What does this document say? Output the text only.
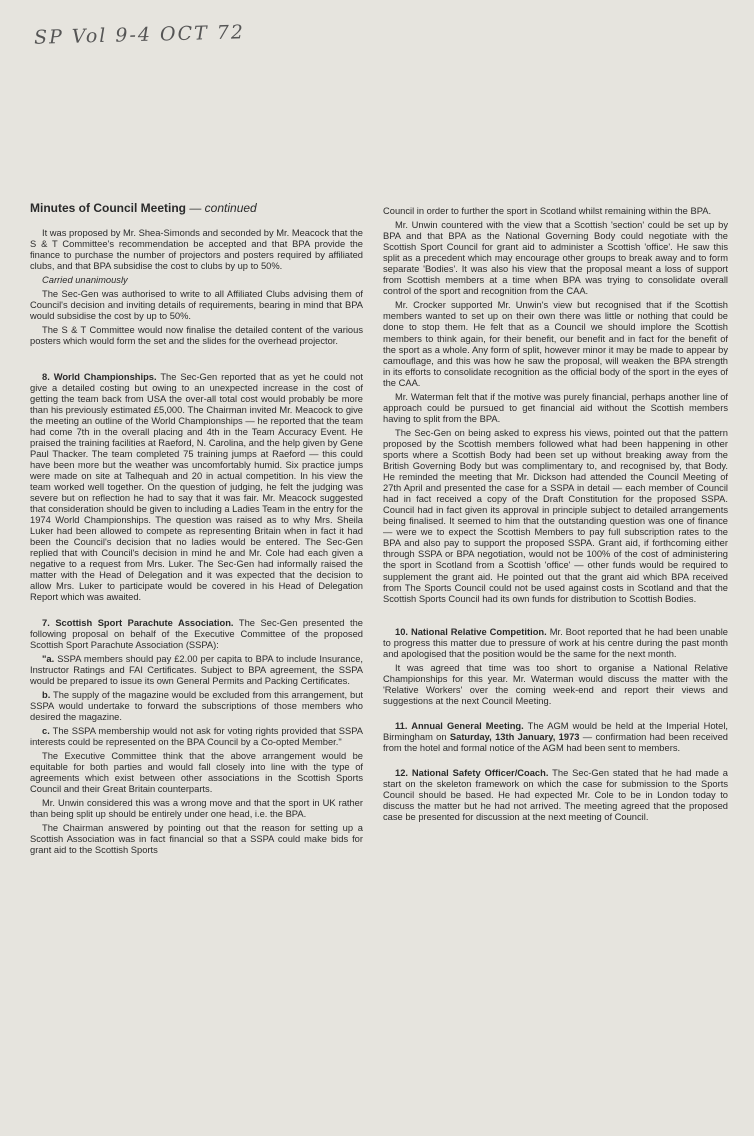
SP Vol 9-4 OCT 72
Minutes of Council Meeting — continued

It was proposed by Mr. Shea-Simonds and seconded by Mr. Meacock that the S & T Committee's recommendation be accepted and that BPA provide the finance to purchase the number of projectors and posters required by affiliated clubs, and that BPA subsidise the cost to clubs by up to 50%.

Carried unanimously

The Sec-Gen was authorised to write to all Affiliated Clubs advising them of Council's decision and inviting details of requirements, bearing in mind that BPA would subsidise the cost by up to 50%.

The S & T Committee would now finalise the detailed content of the various posters which would form the set and the slides for the overhead projector.

8. World Championships. The Sec-Gen reported that as yet he could not give a detailed costing but owing to an unexpected increase in the cost of getting the team back from USA the over-all total cost would probably be more than his previously estimated £5,000. The Chairman invited Mr. Meacock to give the meeting an outline of the World Championships — he reported that the team had come 7th in the overall placing and 4th in the Team Accuracy Event. He praised the training facilities at Raeford, N. Carolina, and the help given by Gene Paul Thacker. The team completed 75 training jumps at Raeford — this could have been more but the weather was uncomfortably humid. Six practice jumps were made on site at Talhequah and 20 in actual competition. In his view the team worked well together. On the question of judging, he felt the judging was severe but on reflection he had to say that it was fair. Mr. Meacock suggested that consideration should be given to including a Ladies Team in the entry for the 1974 World Championships. The question was raised as to why Mrs. Sheila Luker had been allowed to compete as representing Britain when in fact it had been the Council's decision that no ladies would be entered. The Sec-Gen replied that with Council's decision in mind he and Mr. Cole had each given a negative to a request from Mrs. Luker. The Sec-Gen had informally raised the matter with the Head of Delegation and it was expected that the decision to allow Mrs. Luker to participate would be covered in his Head of Delegation Report which was awaited.

7. Scottish Sport Parachute Association. The Sec-Gen presented the following proposal on behalf of the Executive Committee of the proposed Scottish Sport Parachute Association (SSPA):

"a. SSPA members should pay £2.00 per capita to BPA to include Insurance, Instructor Ratings and FAI Certificates. Subject to BPA agreement, the SSPA would be prepared to issue its own General Permits and Packing Certificates.

b. The supply of the magazine would be excluded from this arrangement, but SSPA would undertake to forward the subscriptions of those members who desired the magazine.

c. The SSPA membership would not ask for voting rights provided that SSPA interests could be represented on the BPA Council by a Co-opted Member."

The Executive Committee think that the above arrangement would be equitable for both parties and would fall closely into line with the type of agreements which exist between other associations in the Scottish Sports Council and their Great Britain counterparts.

Mr. Unwin considered this was a wrong move and that the sport in UK rather than being split up should be entirely under one head, i.e. the BPA.

The Chairman answered by pointing out that the reason for setting up a Scottish Association was in fact financial so that a SSPA could make bids for grant aid to the Scottish Sports

Council in order to further the sport in Scotland whilst remaining within the BPA.

Mr. Unwin countered with the view that a Scottish 'section' could be set up by BPA and that BPA as the National Governing Body could negotiate with the Scottish Sport Council for grant aid to administer a Scottish 'office'. He saw this split as a precedent which may encourage other groups to break away and to form separate 'Bodies'. It was also his view that the proposal meant a loss of support from Scottish members at a time when BPA was trying to consolidate overall control of the sport and recognition from the CAA.

Mr. Crocker supported Mr. Unwin's view but recognised that if the Scottish members wanted to set up on their own there was little or nothing that could be done to stop them. He felt that as a Council we should implore the Scottish members to think again, for their benefit, our benefit and in fact for the benefit of the sport as a whole. Any form of split, however minor it may be made to appear by camouflage, and this was how he saw the proposal, will weaken the BPA strength in its efforts to consolidate recognition as the official body of the sport in the eyes of the CAA.

Mr. Waterman felt that if the motive was purely financial, perhaps another line of approach could be pursued to get financial aid without the Scottish members having to split from the BPA.

The Sec-Gen on being asked to express his views, pointed out that the pattern proposed by the Scottish members followed what had been happening in other sports where a Scottish Body had been set up without breaking away from the British Governing Body but was complimentary to, and recognised by, that Body. He reminded the meeting that Mr. Dickson had attended the Council Meeting of 27th April and presented the case for a SSPA in detail — each member of Council had in fact received a copy of the Draft Constitution for the proposed SSPA. Council had in fact given its approval in principle subject to detailed arrangements being finalised. It seemed to him that the outstanding question was one of finance — were we to expect the Scottish Members to pay full subscription rates to the BPA and also pay to support the proposed SSPA. Grant aid, if forthcoming either through SSPA or BPA negotiation, would not be 100% of the cost of administering the sport in Scotland from a Scottish 'office' — other funds would be required to supplement the grant aid. He pointed out that the grant aid which BPA received from The Sports Council could not be used against costs in Scotland and that the Scottish Sports Council had its own funds for distribution to Scottish Bodies.

10. National Relative Competition. Mr. Boot reported that he had been unable to progress this matter due to pressure of work at his centre during the past month and apologised that the position would be the same for the next month.

It was agreed that time was too short to organise a National Relative Championships for this year. Mr. Waterman would discuss the matter with the 'Relative Workers' over the coming week-end and report their views and suggestions at the next Council Meeting.

11. Annual General Meeting. The AGM would be held at the Imperial Hotel, Birmingham on Saturday, 13th January, 1973 — confirmation had been received from the hotel and formal notice of the AGM had been sent to members.

12. National Safety Officer/Coach. The Sec-Gen stated that he had made a start on the skeleton framework on which the case for submission to the Sports Council should be based. He had expected Mr. Cole to be in London today to discuss the matter but he had not arrived. The meeting agreed that the proposed case be presented for discussion at the next meeting of Council.
